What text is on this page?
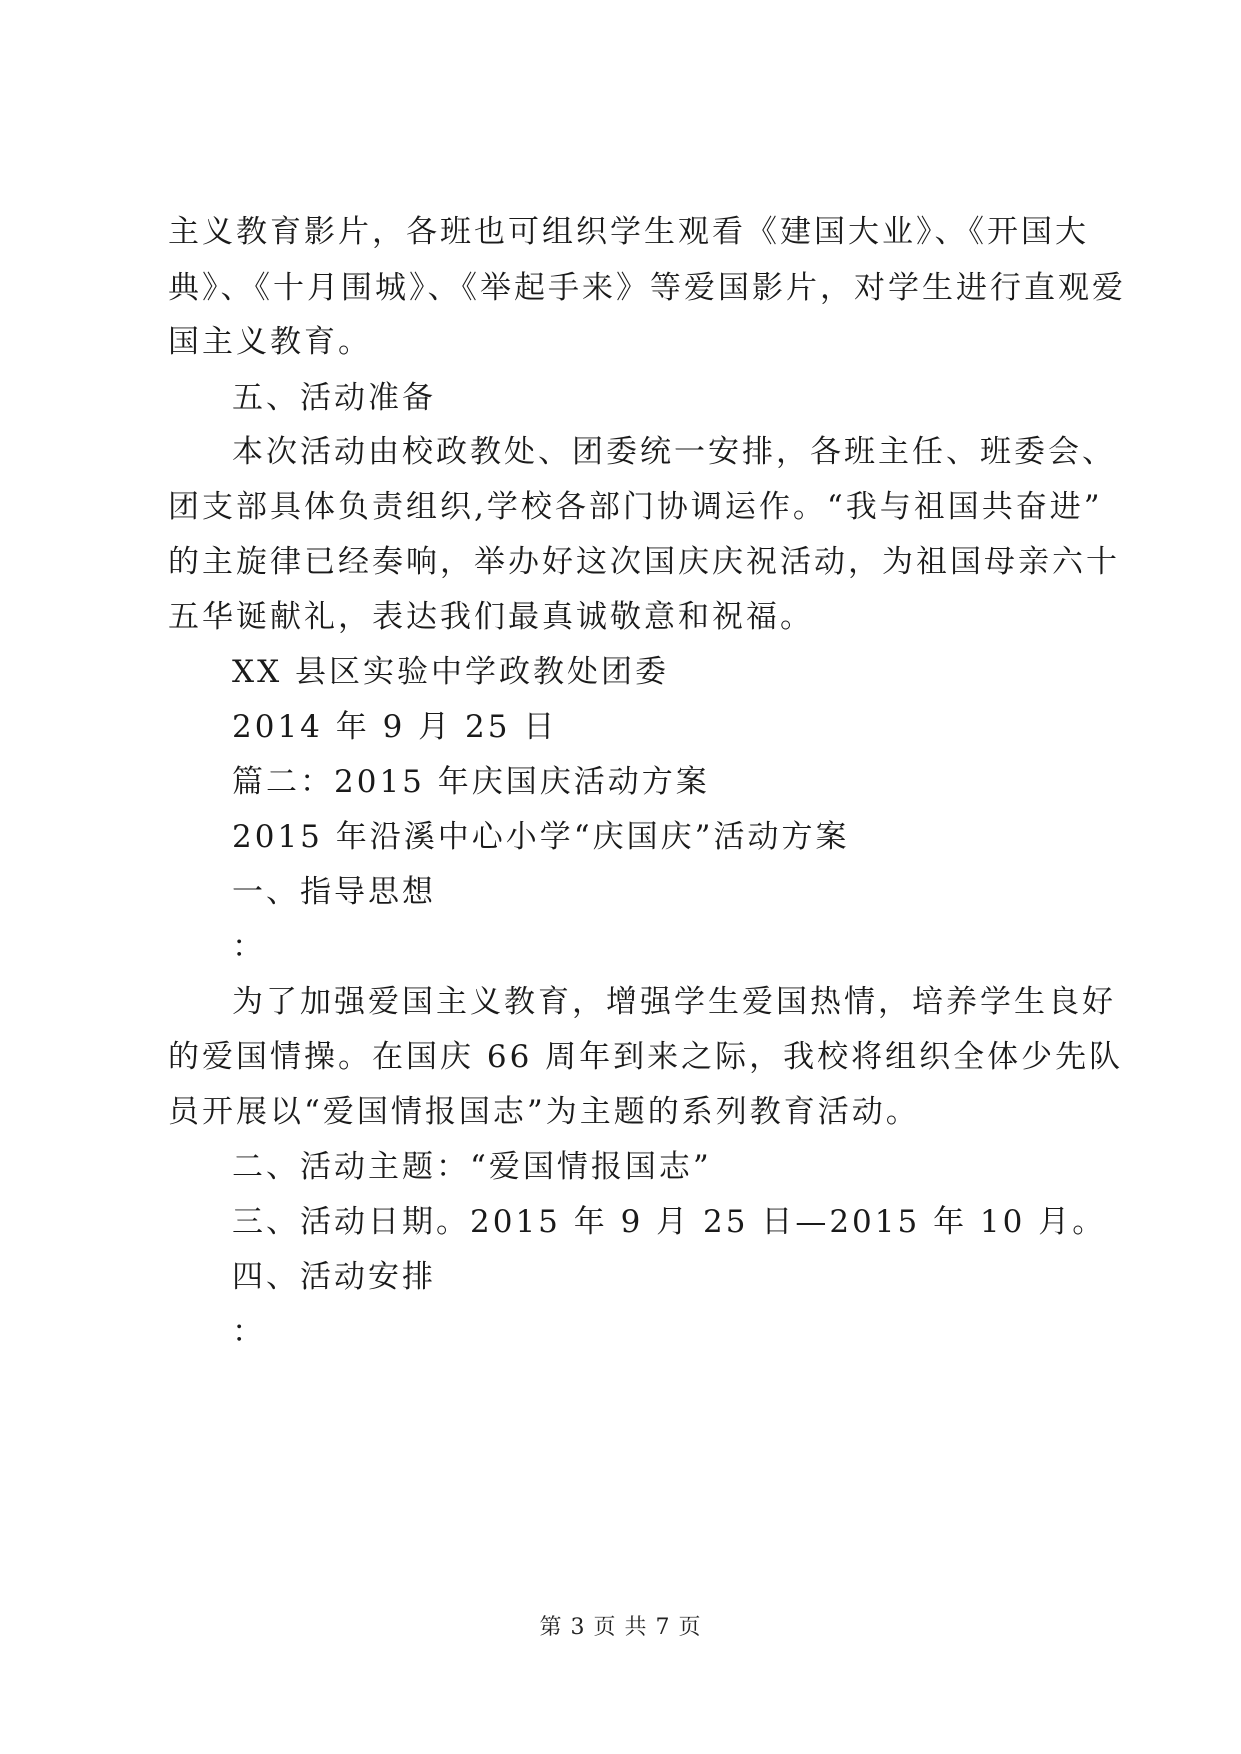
主义教育影片，各班也可组织学生观看《建国大业》、《开国大
典》、《十月围城》、《举起手来》等爱国影片，对学生进行直观爱
国主义教育。
五、活动准备
本次活动由校政教处、团委统一安排，各班主任、班委会、
团支部具体负责组织,学校各部门协调运作。“我与祖国共奋进”
的主旋律已经奏响，举办好这次国庆庆祝活动，为祖国母亲六十
五华诞献礼，表达我们最真诚敬意和祝福。
XX 县区实验中学政教处团委
2014 年 9 月 25 日
篇二：2015 年庆国庆活动方案
2015 年沿溪中心小学“庆国庆”活动方案
一、指导思想
：
为了加强爱国主义教育，增强学生爱国热情，培养学生良好
的爱国情操。在国庆 66 周年到来之际，我校将组织全体少先队
员开展以“爱国情报国志”为主题的系列教育活动。
二、活动主题：“爱国情报国志”
三、活动日期。2015 年 9 月 25 日—2015 年 10 月。
四、活动安排
：
第 3 页 共 7 页
